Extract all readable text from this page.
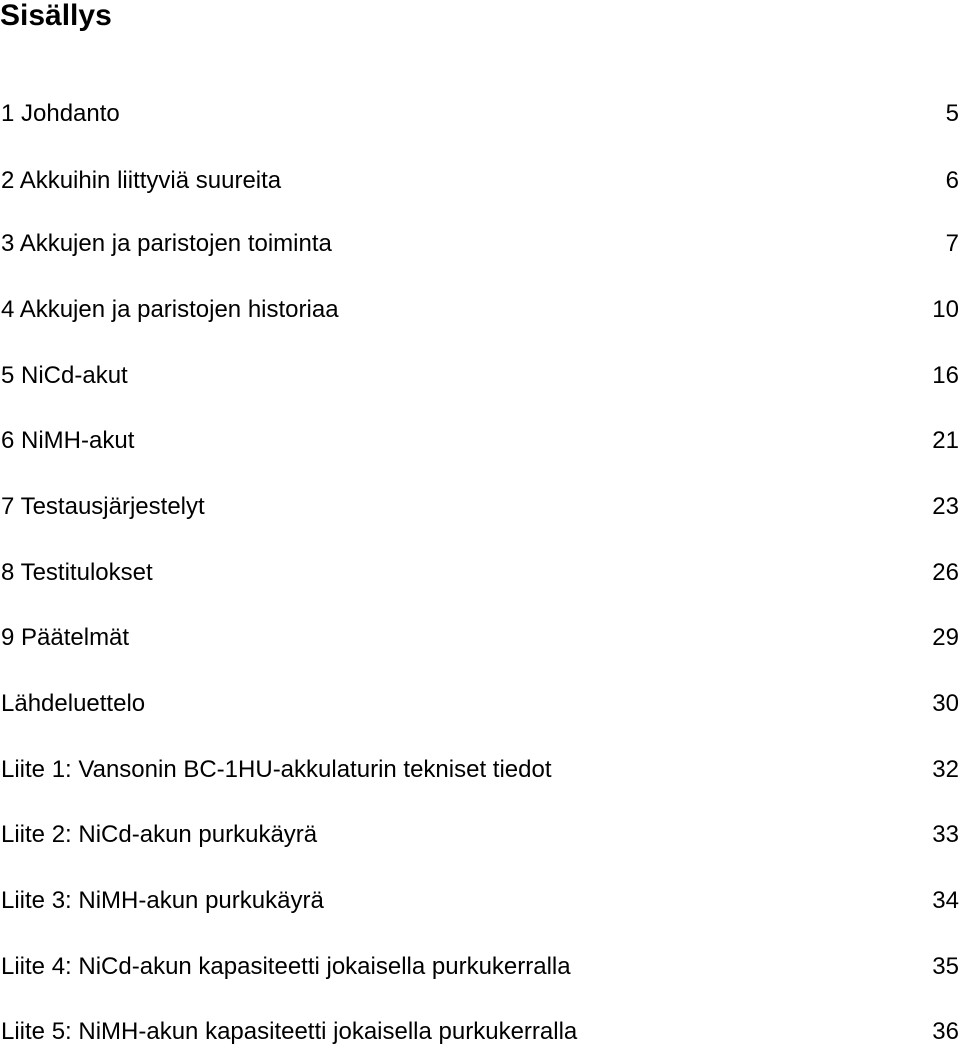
Sisällys
1 Johdanto	5
2 Akkuihin liittyviä suureita	6
3 Akkujen ja paristojen toiminta	7
4 Akkujen ja paristojen historiaa	10
5 NiCd-akut	16
6 NiMH-akut	21
7 Testausjärjestelyt	23
8 Testitulokset	26
9 Päätelmät	29
Lähdeluettelo	30
Liite 1: Vansonin BC-1HU-akkulaturin tekniset tiedot	32
Liite 2: NiCd-akun purkukäyrä	33
Liite 3: NiMH-akun purkukäyrä	34
Liite 4: NiCd-akun kapasiteetti jokaisella purkukerralla	35
Liite 5: NiMH-akun kapasiteetti jokaisella purkukerralla	36
